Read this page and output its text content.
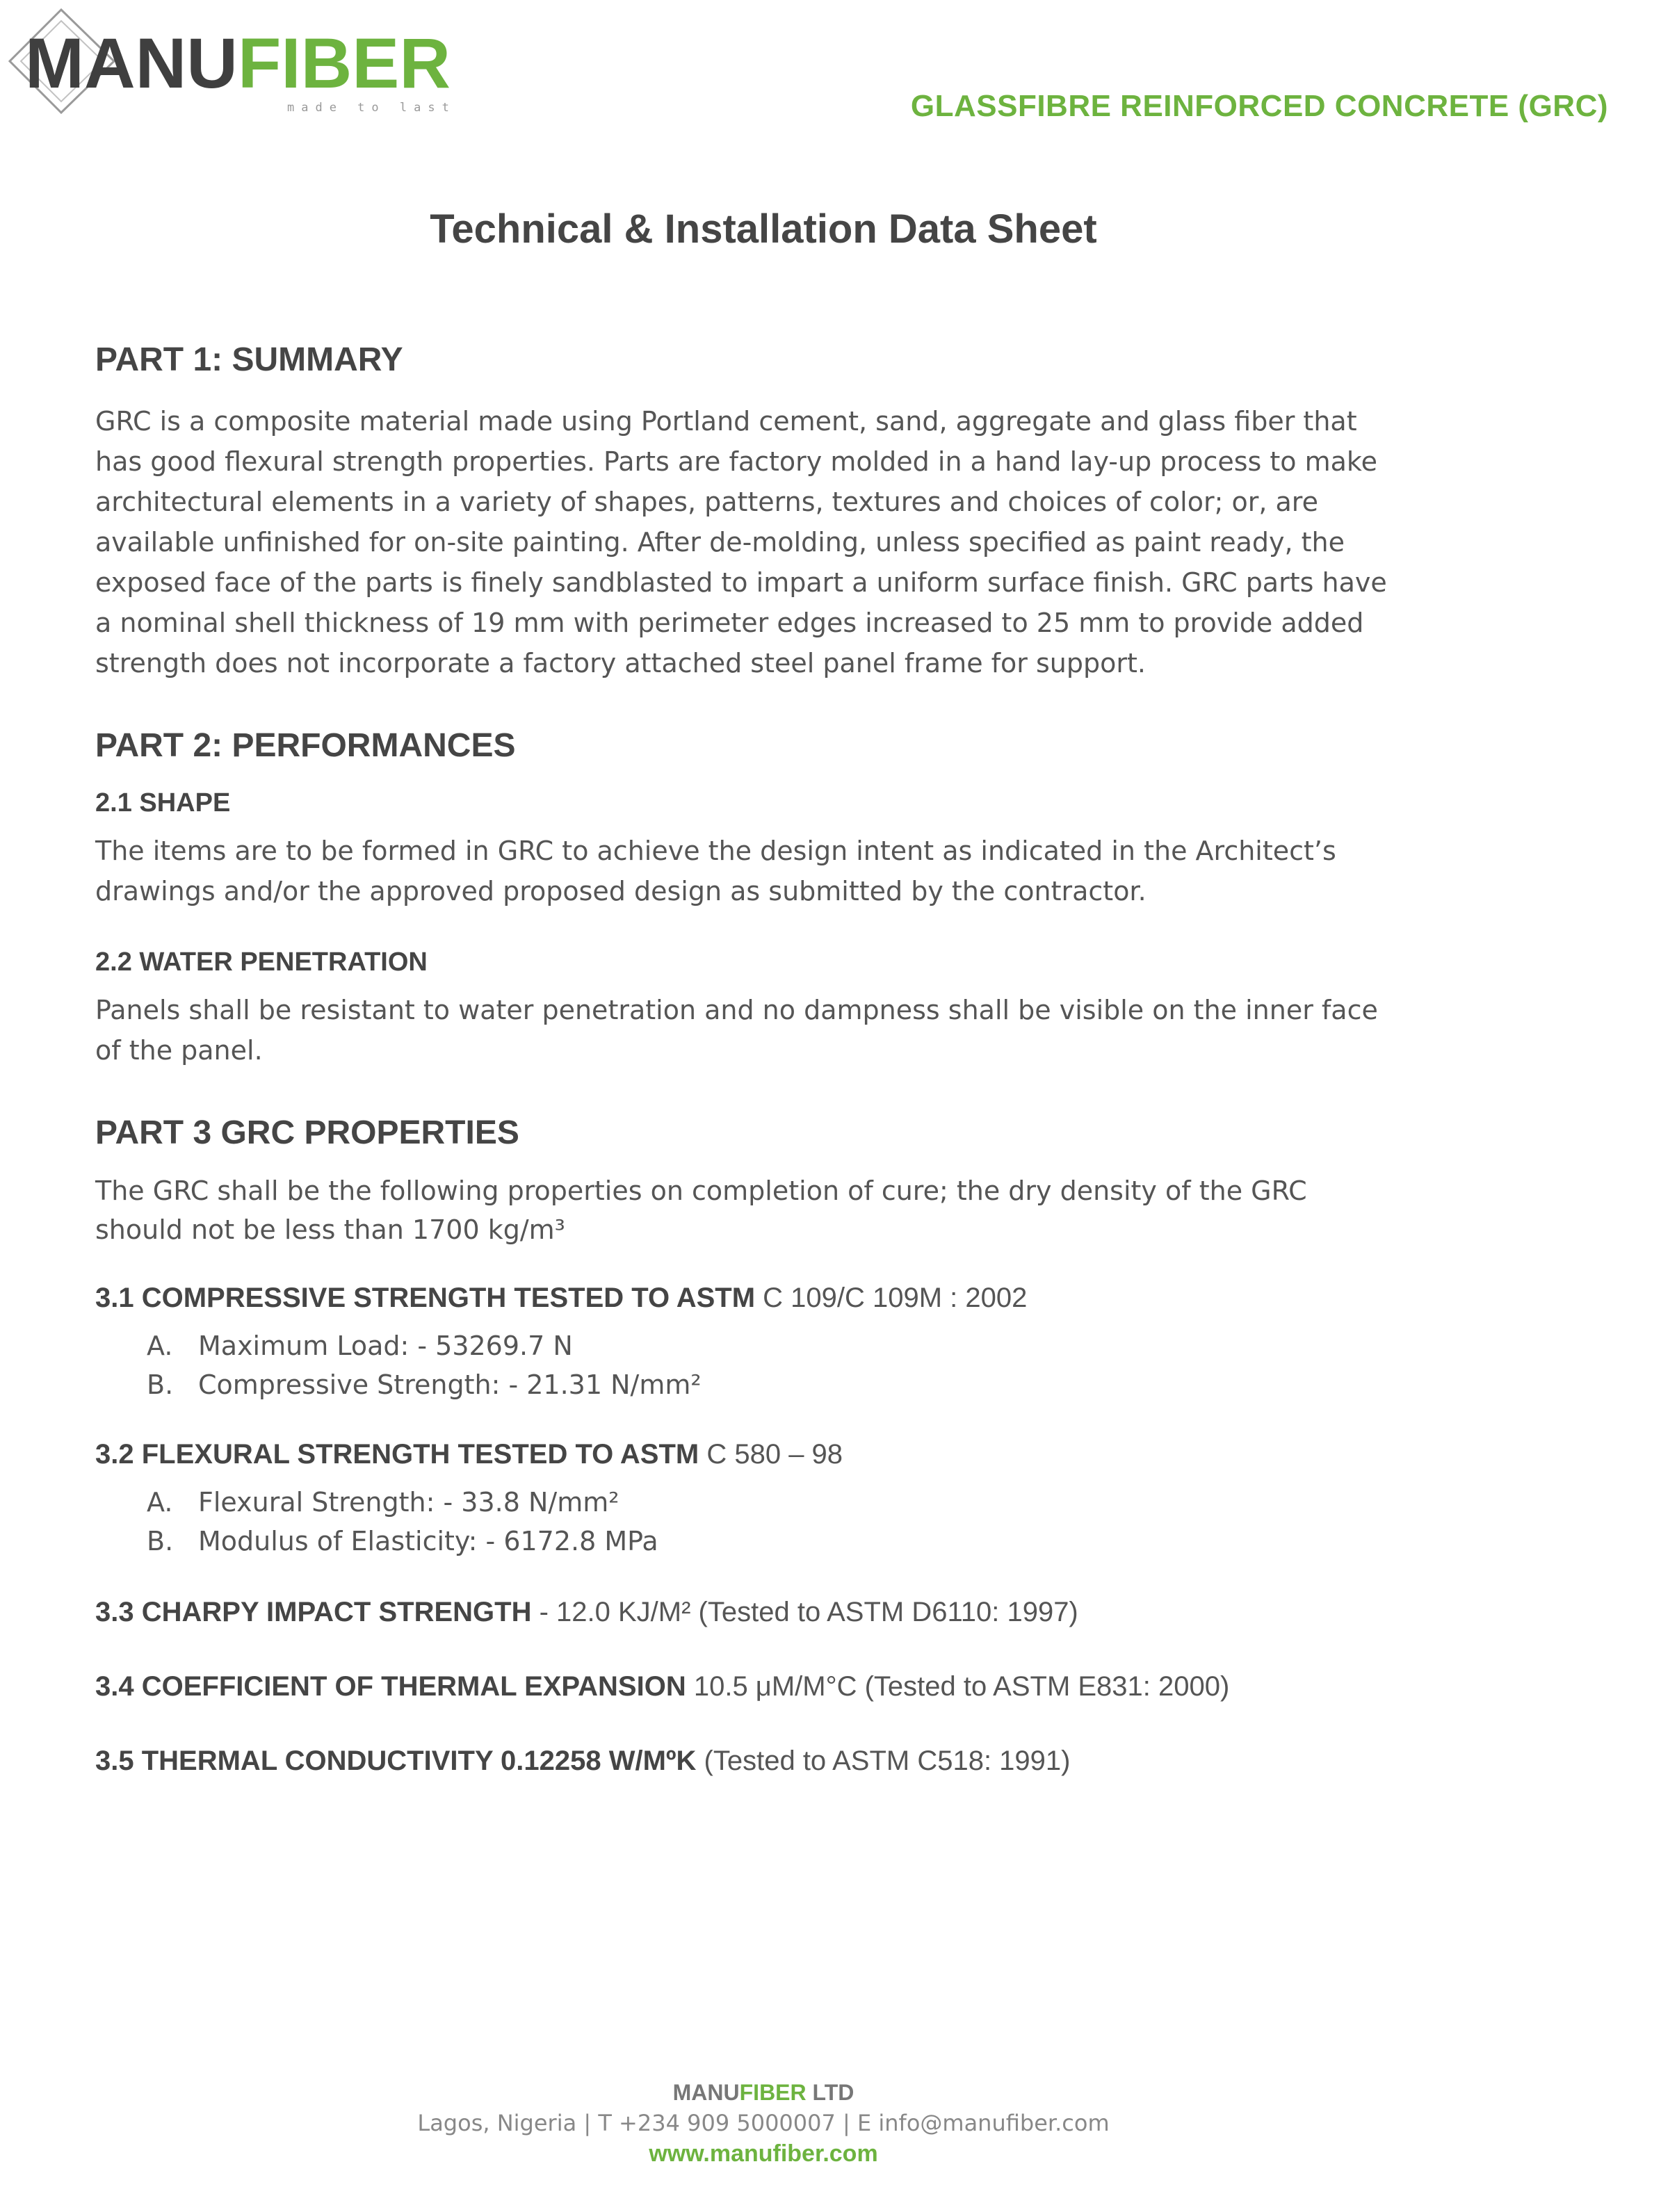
MANU FIBER
made to last	GLASSFIBRE REINFORCED CONCRETE (GRC)
Technical & Installation Data Sheet
PART 1: SUMMARY
GRC is a composite material made using Portland cement, sand, aggregate and glass fiber that
has good flexural strength properties. Parts are factory molded in a hand lay-up process to make
architectural elements in a variety of shapes, patterns, textures and choices of color; or, are
available unfinished for on-site painting. After de-molding, unless specified as paint ready, the
exposed face of the parts is finely sandblasted to impart a uniform surface finish. GRC parts have
a nominal shell thickness of 19 mm with perimeter edges increased to 25 mm to provide added
strength does not incorporate a factory attached steel panel frame for support.
PART 2: PERFORMANCES
2.1 SHAPE
The items are to be formed in GRC to achieve the design intent as indicated in the Architect’s
drawings and/or the approved proposed design as submitted by the contractor.
2.2 WATER PENETRATION
Panels shall be resistant to water penetration and no dampness shall be visible on the inner face
of the panel.
PART 3 GRC PROPERTIES
The GRC shall be the following properties on completion of cure; the dry density of the GRC
should not be less than 1700 kg/m³
3.1 COMPRESSIVE STRENGTH TESTED TO ASTM C 109/C 109M : 2002
A. Maximum Load: - 53269.7 N
B. Compressive Strength: - 21.31 N/mm²
3.2 FLEXURAL STRENGTH TESTED TO ASTM C 580 – 98
A. Flexural Strength: - 33.8 N/mm²
B. Modulus of Elasticity: - 6172.8 MPa
3.3 CHARPY IMPACT STRENGTH - 12.0 KJ/M² (Tested to ASTM D6110: 1997)
3.4 COEFFICIENT OF THERMAL EXPANSION 10.5 μM/M°C (Tested to ASTM E831: 2000)
3.5 THERMAL CONDUCTIVITY 0.12258 W/MºK (Tested to ASTM C518: 1991)
MANUFIBER LTD
Lagos, Nigeria | T +234 909 5000007 | E info@manufiber.com
www.manufiber.com
